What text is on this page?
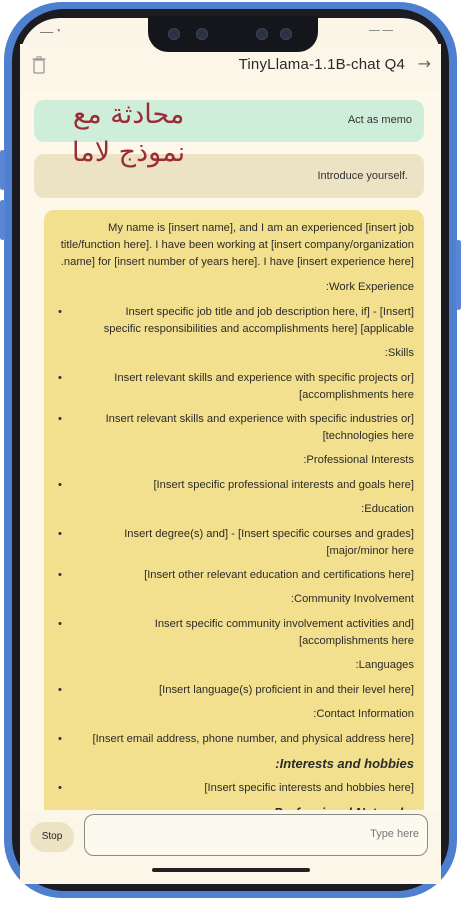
ـــــ ⋆	ــــ ــــ
TinyLlama-1.1B-chat Q4 →
Act as memo
Introduce yourself.
محادثة مع
نموذج لاما

My name is [insert name], and I am an experienced [insert job title/function here]. I have been working at [insert company/organization name] for [insert number of years here]. I have [insert experience here].

Work Experience:

[Insert] - [Insert specific job title and job description here, if applicable] [specific responsibilities and accomplishments here •

Skills:

[Insert relevant skills and experience with specific projects or accomplishments here] •
[Insert relevant skills and experience with specific industries or technologies here] •

Professional Interests:

[Insert specific professional interests and goals here] •

Education:

[Insert specific courses and grades] - [Insert degree(s) and major/minor here] •
[Insert other relevant education and certifications here] •

Community Involvement:

[Insert specific community involvement activities and accomplishments here] •

Languages:

[Insert language(s) proficient in and their level here] •

Contact Information:

[Insert email address, phone number, and physical address here] •
Interests and hobbies:
[Insert specific interests and hobbies here] •
Stop	Type here
